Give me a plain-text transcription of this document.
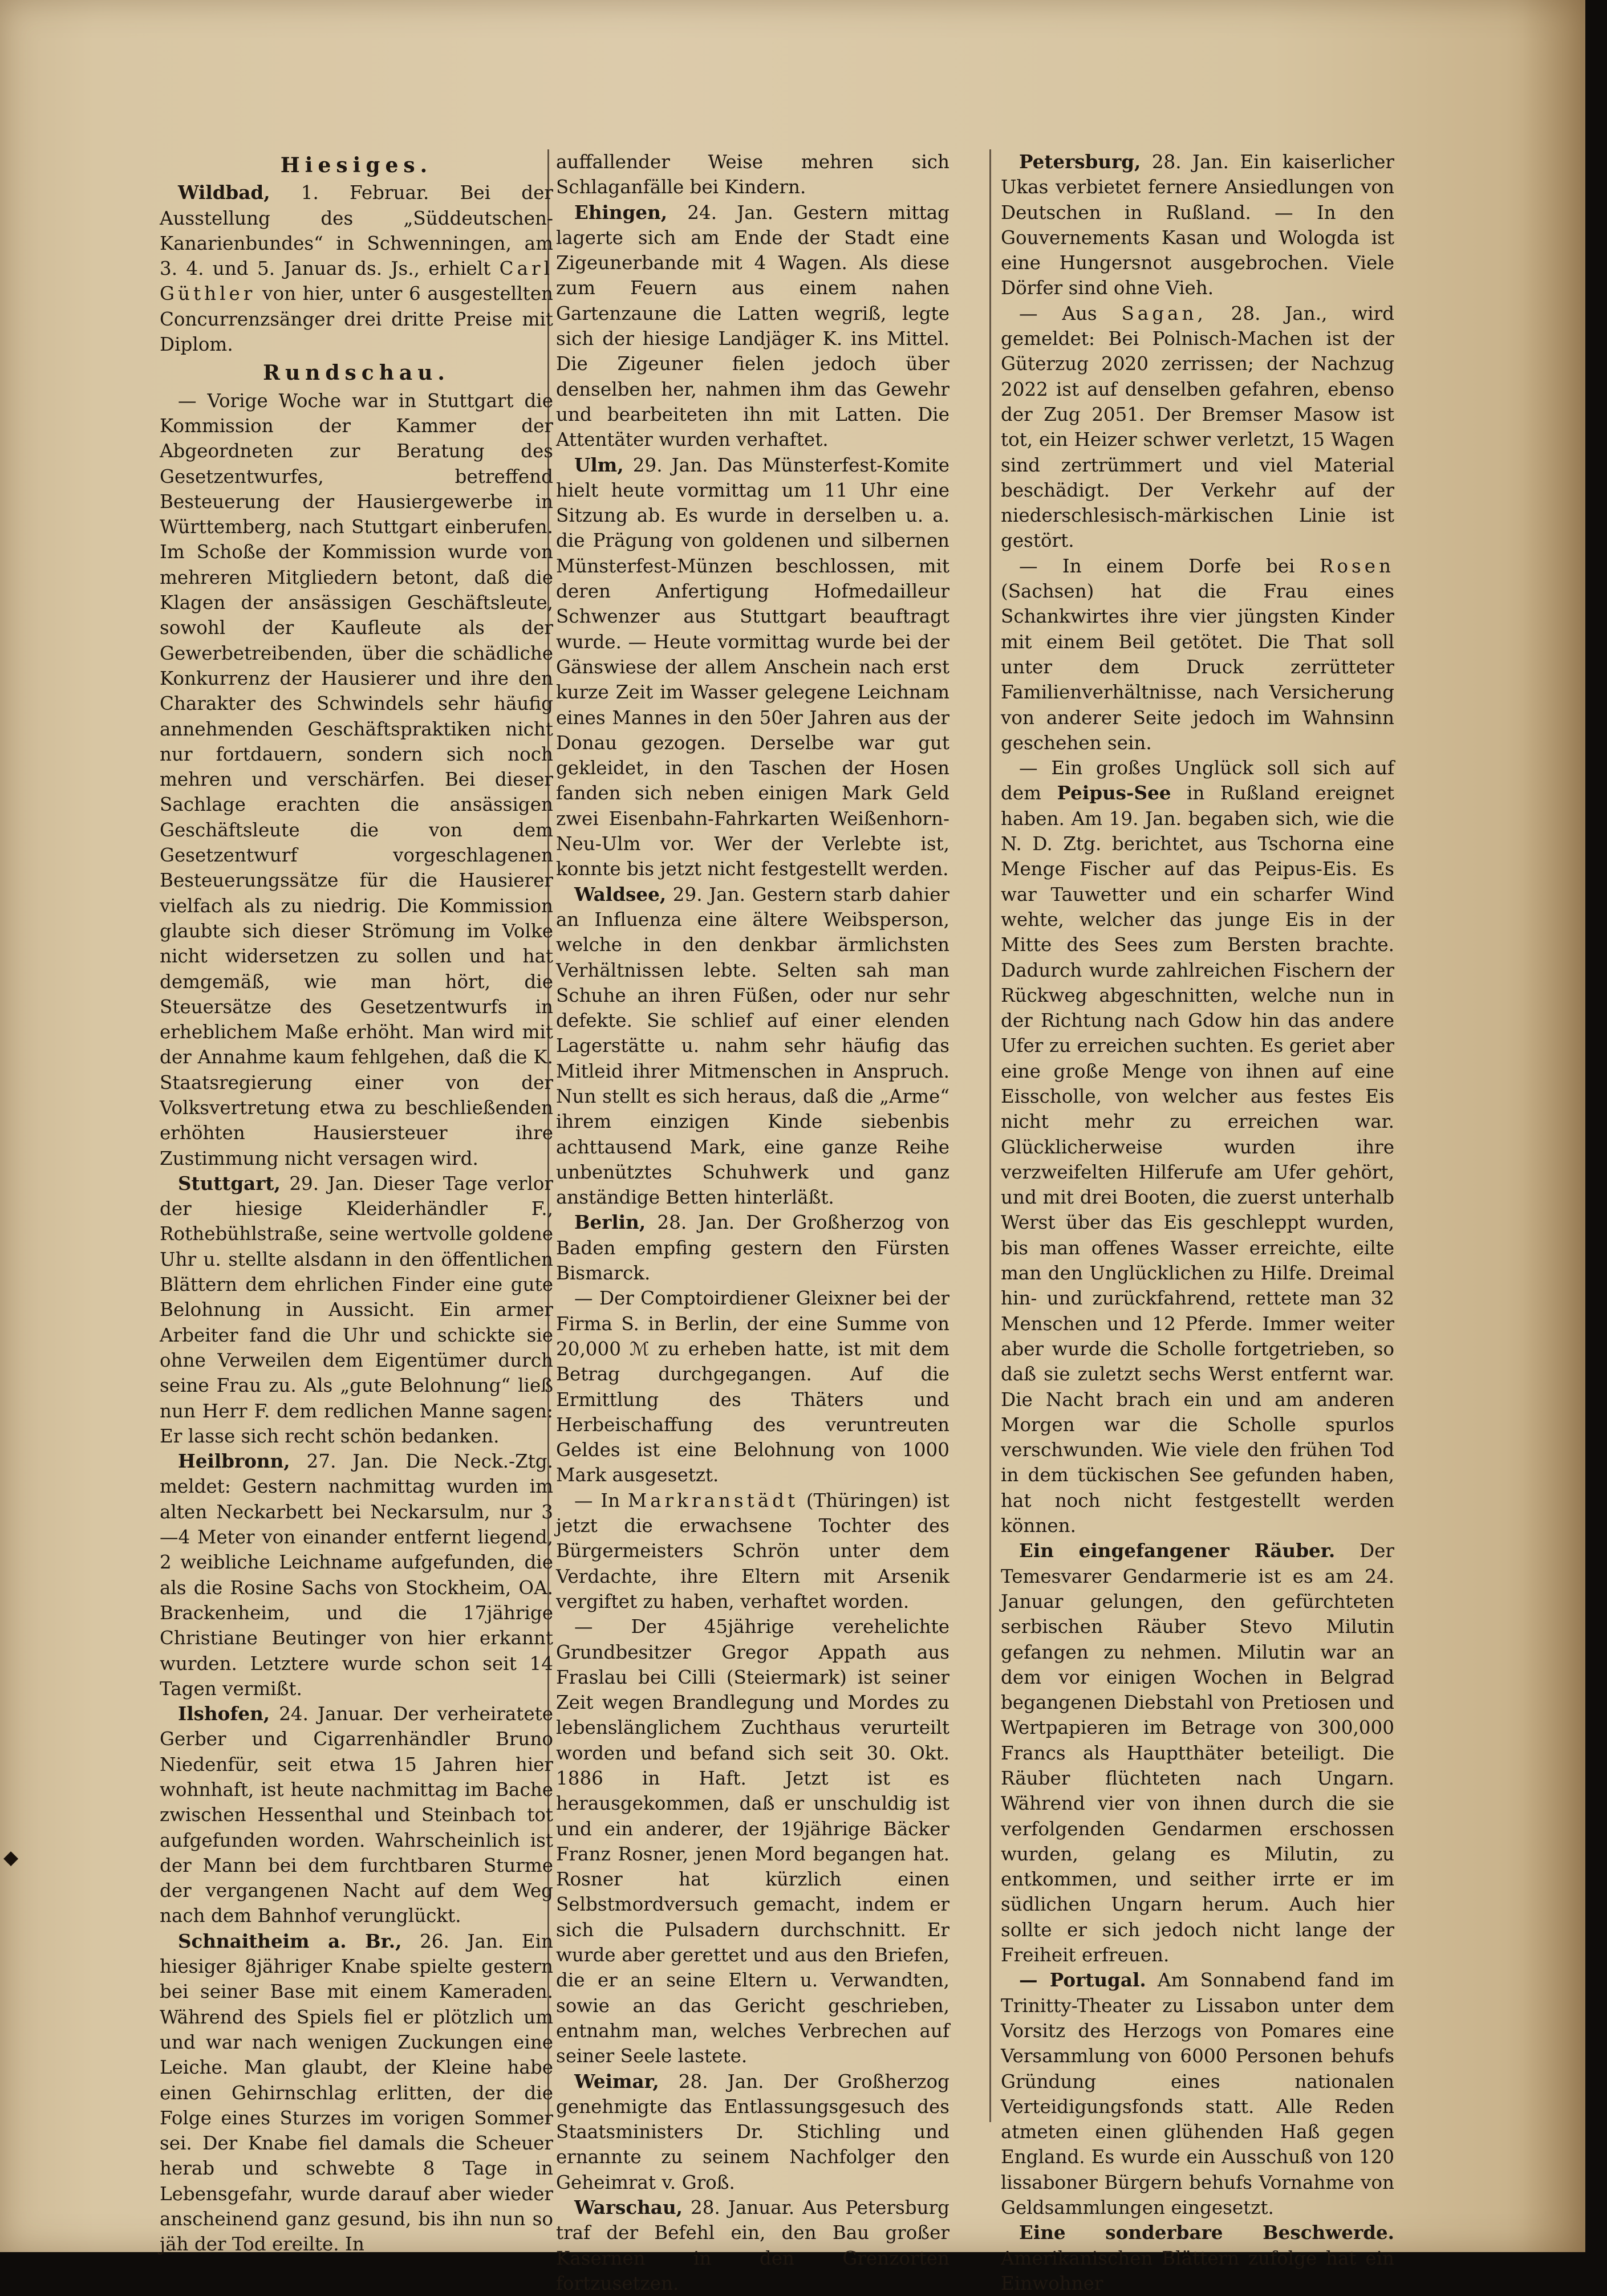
◆
Hiesiges.

Wildbad, 1. Februar. Bei der Ausstellung des „Süddeutschen-Kanarienbundes“ in Schwenningen, am 3. 4. und 5. Januar ds. Js., erhielt Carl Güthler von hier, unter 6 ausgestellten Concurrenzsänger drei dritte Preise mit Diplom.

Rundschau.

— Vorige Woche war in Stuttgart die Kommission der Kammer der Abgeordneten zur Beratung des Gesetzentwurfes, betreffend Besteuerung der Hausiergewerbe in Württemberg, nach Stuttgart einberufen. Im Schoße der Kommission wurde von mehreren Mitgliedern betont, daß die Klagen der ansässigen Geschäftsleute, sowohl der Kaufleute als der Gewerbetreibenden, über die schädliche Konkurrenz der Hausierer und ihre den Charakter des Schwindels sehr häufig annehmenden Geschäftspraktiken nicht nur fortdauern, sondern sich noch mehren und verschärfen. Bei dieser Sachlage erachten die ansässigen Geschäftsleute die von dem Gesetzentwurf vorgeschlagenen Besteuerungssätze für die Hausierer vielfach als zu niedrig. Die Kommission glaubte sich dieser Strömung im Volke nicht widersetzen zu sollen und hat demgemäß, wie man hört, die Steuersätze des Gesetzentwurfs in erheblichem Maße erhöht. Man wird mit der Annahme kaum fehlgehen, daß die K. Staatsregierung einer von der Volksvertretung etwa zu beschließenden erhöhten Hausiersteuer ihre Zustimmung nicht versagen wird.

Stuttgart, 29. Jan. Dieser Tage verlor der hiesige Kleiderhändler F., Rothebühlstraße, seine wertvolle goldene Uhr u. stellte alsdann in den öffentlichen Blättern dem ehrlichen Finder eine gute Belohnung in Aussicht. Ein armer Arbeiter fand die Uhr und schickte sie ohne Verweilen dem Eigentümer durch seine Frau zu. Als „gute Belohnung“ ließ nun Herr F. dem redlichen Manne sagen: Er lasse sich recht schön bedanken.

Heilbronn, 27. Jan. Die Neck.-Ztg. meldet: Gestern nachmittag wurden im alten Neckarbett bei Neckarsulm, nur 3—4 Meter von einander entfernt liegend, 2 weibliche Leichname aufgefunden, die als die Rosine Sachs von Stockheim, OA. Brackenheim, und die 17jährige Christiane Beutinger von hier erkannt wurden. Letztere wurde schon seit 14 Tagen vermißt.

Ilshofen, 24. Januar. Der verheiratete Gerber und Cigarrenhändler Bruno Niedenfür, seit etwa 15 Jahren hier wohnhaft, ist heute nachmittag im Bache zwischen Hessenthal und Steinbach tot aufgefunden worden. Wahrscheinlich ist der Mann bei dem furchtbaren Sturme der vergangenen Nacht auf dem Weg nach dem Bahnhof verunglückt.

Schnaitheim a. Br., 26. Jan. Ein hiesiger 8jähriger Knabe spielte gestern bei seiner Base mit einem Kameraden. Während des Spiels fiel er plötzlich um und war nach wenigen Zuckungen eine Leiche. Man glaubt, der Kleine habe einen Gehirnschlag erlitten, der die Folge eines Sturzes im vorigen Sommer sei. Der Knabe fiel damals die Scheuer herab und schwebte 8 Tage in Lebensgefahr, wurde darauf aber wieder anscheinend ganz gesund, bis ihn nun so jäh der Tod ereilte. In

auffallender Weise mehren sich Schlaganfälle bei Kindern.

Ehingen, 24. Jan. Gestern mittag lagerte sich am Ende der Stadt eine Zigeunerbande mit 4 Wagen. Als diese zum Feuern aus einem nahen Gartenzaune die Latten wegriß, legte sich der hiesige Landjäger K. ins Mittel. Die Zigeuner fielen jedoch über denselben her, nahmen ihm das Gewehr und bearbeiteten ihn mit Latten. Die Attentäter wurden verhaftet.

Ulm, 29. Jan. Das Münsterfest-Komite hielt heute vormittag um 11 Uhr eine Sitzung ab. Es wurde in derselben u. a. die Prägung von goldenen und silbernen Münsterfest-Münzen beschlossen, mit deren Anfertigung Hofmedailleur Schwenzer aus Stuttgart beauftragt wurde. — Heute vormittag wurde bei der Gänswiese der allem Anschein nach erst kurze Zeit im Wasser gelegene Leichnam eines Mannes in den 50er Jahren aus der Donau gezogen. Derselbe war gut gekleidet, in den Taschen der Hosen fanden sich neben einigen Mark Geld zwei Eisenbahn-Fahrkarten Weißenhorn-Neu-Ulm vor. Wer der Verlebte ist, konnte bis jetzt nicht festgestellt werden.

Waldsee, 29. Jan. Gestern starb dahier an Influenza eine ältere Weibsperson, welche in den denkbar ärmlichsten Verhältnissen lebte. Selten sah man Schuhe an ihren Füßen, oder nur sehr defekte. Sie schlief auf einer elenden Lagerstätte u. nahm sehr häufig das Mitleid ihrer Mitmenschen in Anspruch. Nun stellt es sich heraus, daß die „Arme“ ihrem einzigen Kinde siebenbis achttausend Mark, eine ganze Reihe unbenütztes Schuhwerk und ganz anständige Betten hinterläßt.

Berlin, 28. Jan. Der Großherzog von Baden empfing gestern den Fürsten Bismarck.

— Der Comptoirdiener Gleixner bei der Firma S. in Berlin, der eine Summe von 20,000 ℳ zu erheben hatte, ist mit dem Betrag durchgegangen. Auf die Ermittlung des Thäters und Herbeischaffung des veruntreuten Geldes ist eine Belohnung von 1000 Mark ausgesetzt.

— In Markranstädt (Thüringen) ist jetzt die erwachsene Tochter des Bürgermeisters Schrön unter dem Verdachte, ihre Eltern mit Arsenik vergiftet zu haben, verhaftet worden.

— Der 45jährige verehelichte Grundbesitzer Gregor Appath aus Fraslau bei Cilli (Steiermark) ist seiner Zeit wegen Brandlegung und Mordes zu lebenslänglichem Zuchthaus verurteilt worden und befand sich seit 30. Okt. 1886 in Haft. Jetzt ist es herausgekommen, daß er unschuldig ist und ein anderer, der 19jährige Bäcker Franz Rosner, jenen Mord begangen hat. Rosner hat kürzlich einen Selbstmordversuch gemacht, indem er sich die Pulsadern durchschnitt. Er wurde aber gerettet und aus den Briefen, die er an seine Eltern u. Verwandten, sowie an das Gericht geschrieben, entnahm man, welches Verbrechen auf seiner Seele lastete.

Weimar, 28. Jan. Der Großherzog genehmigte das Entlassungsgesuch des Staatsministers Dr. Stichling und ernannte zu seinem Nachfolger den Geheimrat v. Groß.

Warschau, 28. Januar. Aus Petersburg traf der Befehl ein, den Bau großer Kasernen in den Grenzorten fortzusetzen.

Petersburg, 28. Jan. Ein kaiserlicher Ukas verbietet fernere Ansiedlungen von Deutschen in Rußland. — In den Gouvernements Kasan und Wologda ist eine Hungersnot ausgebrochen. Viele Dörfer sind ohne Vieh.

— Aus Sagan, 28. Jan., wird gemeldet: Bei Polnisch-Machen ist der Güterzug 2020 zerrissen; der Nachzug 2022 ist auf denselben gefahren, ebenso der Zug 2051. Der Bremser Masow ist tot, ein Heizer schwer verletzt, 15 Wagen sind zertrümmert und viel Material beschädigt. Der Verkehr auf der niederschlesisch-märkischen Linie ist gestört.

— In einem Dorfe bei Rosen (Sachsen) hat die Frau eines Schankwirtes ihre vier jüngsten Kinder mit einem Beil getötet. Die That soll unter dem Druck zerrütteter Familienverhältnisse, nach Versicherung von anderer Seite jedoch im Wahnsinn geschehen sein.

— Ein großes Unglück soll sich auf dem Peipus-See in Rußland ereignet haben. Am 19. Jan. begaben sich, wie die N. D. Ztg. berichtet, aus Tschorna eine Menge Fischer auf das Peipus-Eis. Es war Tauwetter und ein scharfer Wind wehte, welcher das junge Eis in der Mitte des Sees zum Bersten brachte. Dadurch wurde zahlreichen Fischern der Rückweg abgeschnitten, welche nun in der Richtung nach Gdow hin das andere Ufer zu erreichen suchten. Es geriet aber eine große Menge von ihnen auf eine Eisscholle, von welcher aus festes Eis nicht mehr zu erreichen war. Glücklicherweise wurden ihre verzweifelten Hilferufe am Ufer gehört, und mit drei Booten, die zuerst unterhalb Werst über das Eis geschleppt wurden, bis man offenes Wasser erreichte, eilte man den Unglücklichen zu Hilfe. Dreimal hin- und zurückfahrend, rettete man 32 Menschen und 12 Pferde. Immer weiter aber wurde die Scholle fortgetrieben, so daß sie zuletzt sechs Werst entfernt war. Die Nacht brach ein und am anderen Morgen war die Scholle spurlos verschwunden. Wie viele den frühen Tod in dem tückischen See gefunden haben, hat noch nicht festgestellt werden können.

Ein eingefangener Räuber. Der Temesvarer Gendarmerie ist es am 24. Januar gelungen, den gefürchteten serbischen Räuber Stevo Milutin gefangen zu nehmen. Milutin war an dem vor einigen Wochen in Belgrad begangenen Diebstahl von Pretiosen und Wertpapieren im Betrage von 300,000 Francs als Hauptthäter beteiligt. Die Räuber flüchteten nach Ungarn. Während vier von ihnen durch die sie verfolgenden Gendarmen erschossen wurden, gelang es Milutin, zu entkommen, und seither irrte er im südlichen Ungarn herum. Auch hier sollte er sich jedoch nicht lange der Freiheit erfreuen.

— Portugal. Am Sonnabend fand im Trinitty-Theater zu Lissabon unter dem Vorsitz des Herzogs von Pomares eine Versammlung von 6000 Personen behufs Gründung eines nationalen Verteidigungsfonds statt. Alle Reden atmeten einen glühenden Haß gegen England. Es wurde ein Ausschuß von 120 lissaboner Bürgern behufs Vornahme von Geldsammlungen eingesetzt.

Eine sonderbare Beschwerde. Amerikanischen Blättern zufolge hat ein Einwohner
